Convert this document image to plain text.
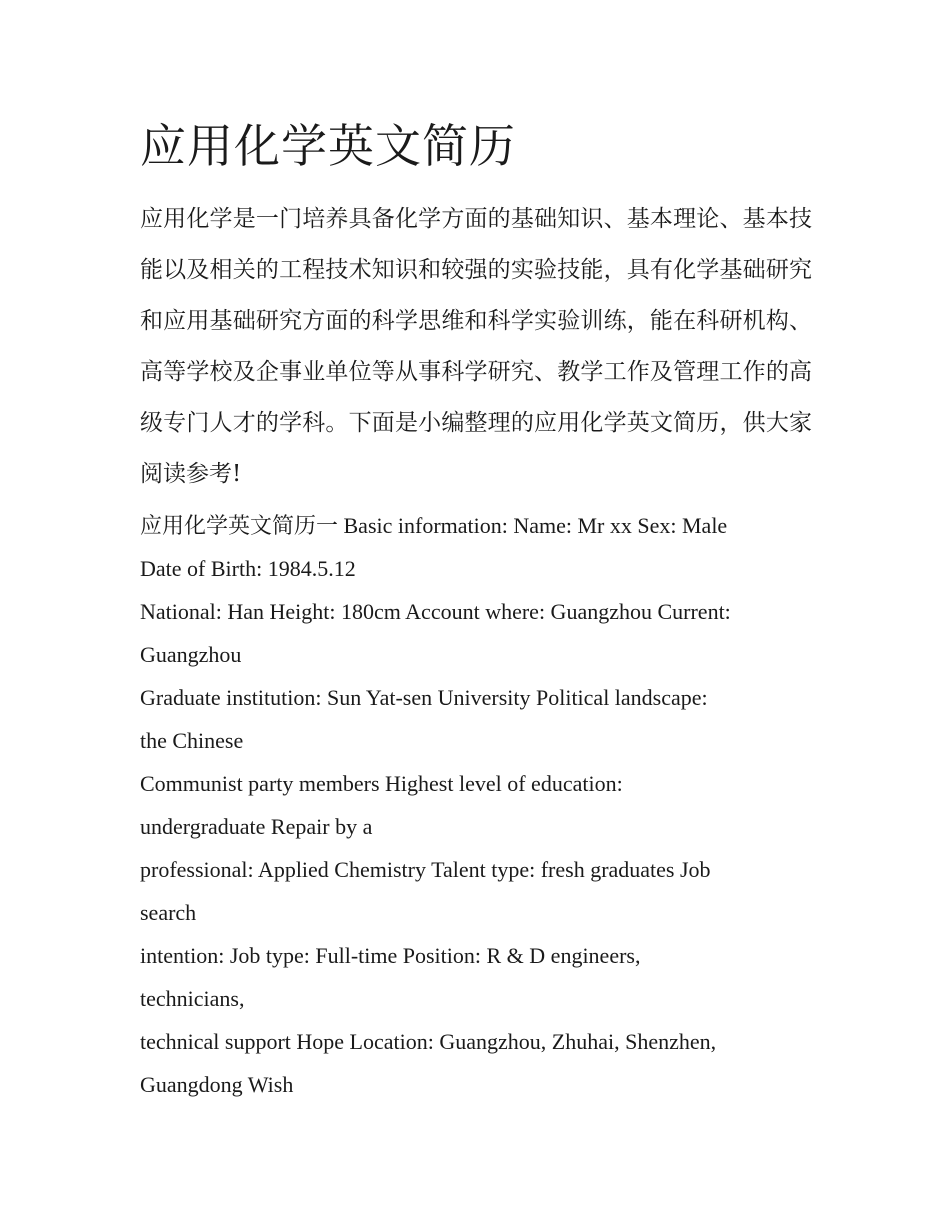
应用化学英文简历

应用化学是一门培养具备化学方面的基础知识、基本理论、基本技能以及相关的工程技术知识和较强的实验技能，具有化学基础研究和应用基础研究方面的科学思维和科学实验训练，能在科研机构、高等学校及企事业单位等从事科学研究、教学工作及管理工作的高级专门人才的学科。下面是小编整理的应用化学英文简历，供大家阅读参考!

应用化学英文简历一 Basic information: Name: Mr xx Sex: Male

Date of Birth: 1984.5.12

National: Han Height: 180cm Account where: Guangzhou Current:

Guangzhou

Graduate institution: Sun Yat-sen University Political landscape:

the Chinese

Communist party members Highest level of education:

undergraduate Repair by a

professional: Applied Chemistry Talent type: fresh graduates Job

search

intention: Job type: Full-time Position: R & D engineers,

technicians,

technical support Hope Location: Guangzhou, Zhuhai, Shenzhen,

Guangdong Wish
